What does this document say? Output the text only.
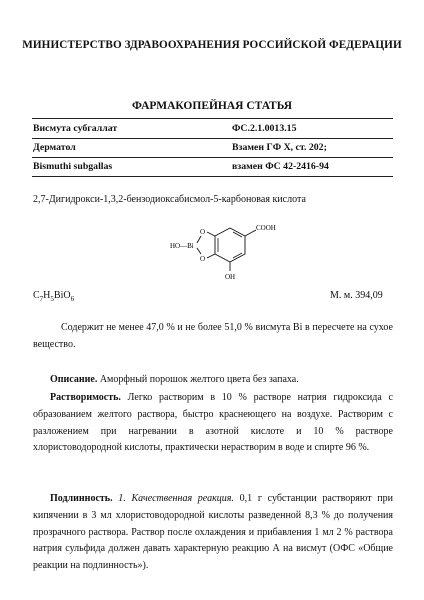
МИНИСТЕРСТВО ЗДРАВООХРАНЕНИЯ РОССИЙСКОЙ ФЕДЕРАЦИИ
ФАРМАКОПЕЙНАЯ СТАТЬЯ
Висмута субгаллат	ФС.2.1.0013.15
Дерматол	Взамен ГФ X, ст. 202;
Bismuthi subgallas	взамен ФС 42-2416-94
2,7-Дигидрокси-1,3,2-бензодиоксабисмол-5-карбоновая кислота
COOH
OH
O
O
HO—Bi
$C_7H_5BiO_6$	М. м. 394,09
Содержит не менее 47,0 % и не более 51,0 % висмута Bi в пересчете на сухое вещество.
Описание. Аморфный порошок желтого цвета без запаха.
Растворимость. Легко растворим в 10 % растворе натрия гидроксида с образованием желтого раствора, быстро краснеющего на воздухе. Растворим с разложением при нагревании в азотной кислоте и 10 % растворе хлористоводородной кислоты, практически нерастворим в воде и спирте 96 %.
Подлинность. 1. Качественная реакция. 0,1 г субстанции растворяют при кипячении в 3 мл хлористоводородной кислоты разведенной 8,3 % до получения прозрачного раствора. Раствор после охлаждения и прибавления 1 мл 2 % раствора натрия сульфида должен давать характерную реакцию А на висмут (ОФС «Общие реакции на подлинность»).
